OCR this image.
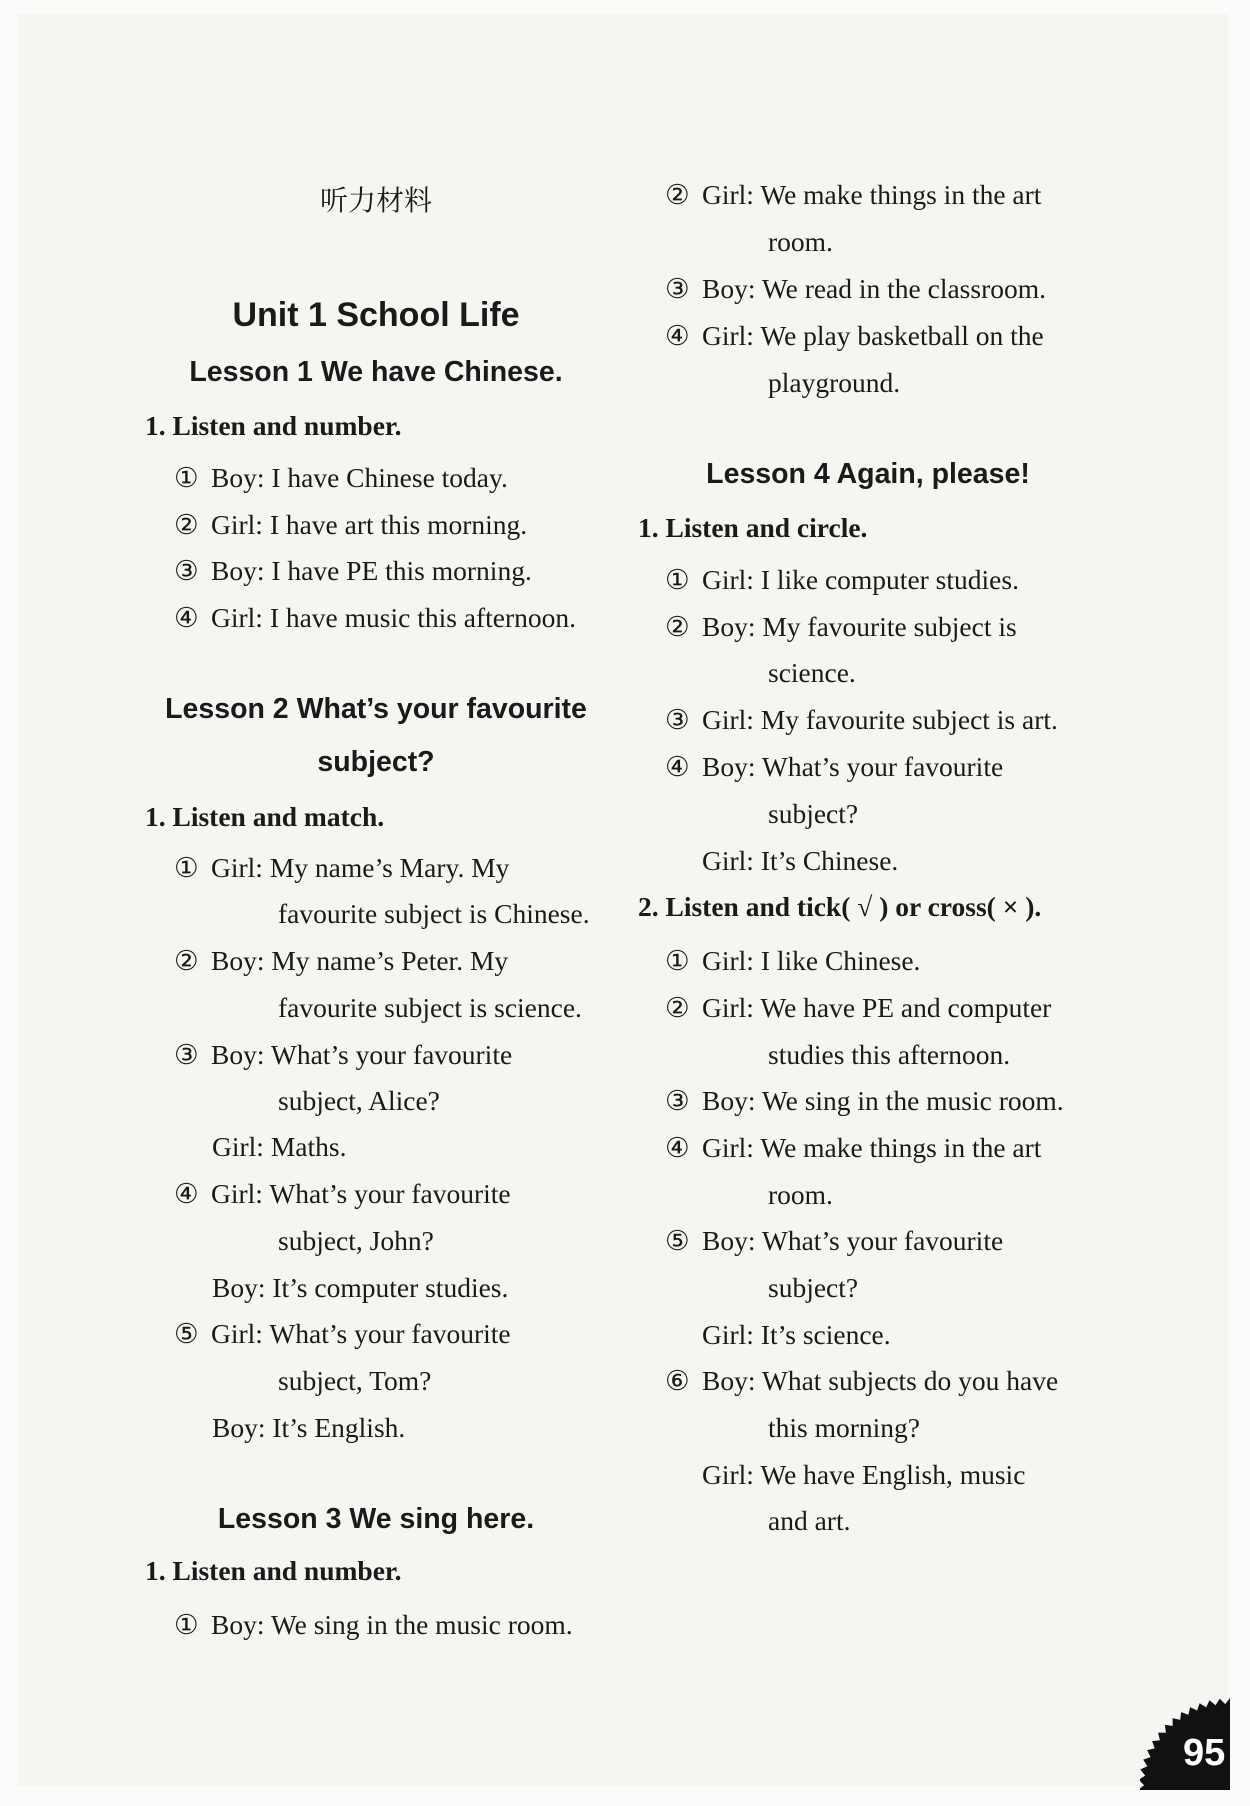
听力材料
Unit 1 School Life
Lesson 1 We have Chinese.
1. Listen and number.
① Boy: I have Chinese today.
② Girl: I have art this morning.
③ Boy: I have PE this morning.
④ Girl: I have music this afternoon.
Lesson 2 What’s your favourite
subject?
1. Listen and match.
① Girl: My name’s Mary. My
favourite subject is Chinese.
② Boy: My name’s Peter. My
favourite subject is science.
③ Boy: What’s your favourite
subject, Alice?
Girl: Maths.
④ Girl: What’s your favourite
subject, John?
Boy: It’s computer studies.
⑤ Girl: What’s your favourite
subject, Tom?
Boy: It’s English.
Lesson 3 We sing here.
1. Listen and number.
① Boy: We sing in the music room.
② Girl: We make things in the art
room.
③ Boy: We read in the classroom.
④ Girl: We play basketball on the
playground.
Lesson 4 Again, please!
1. Listen and circle.
① Girl: I like computer studies.
② Boy: My favourite subject is
science.
③ Girl: My favourite subject is art.
④ Boy: What’s your favourite
subject?
Girl: It’s Chinese.
2. Listen and tick( √ ) or cross( × ).
① Girl: I like Chinese.
② Girl: We have PE and computer
studies this afternoon.
③ Boy: We sing in the music room.
④ Girl: We make things in the art
room.
⑤ Boy: What’s your favourite
subject?
Girl: It’s science.
⑥ Boy: What subjects do you have
this morning?
Girl: We have English, music
and art.
95
